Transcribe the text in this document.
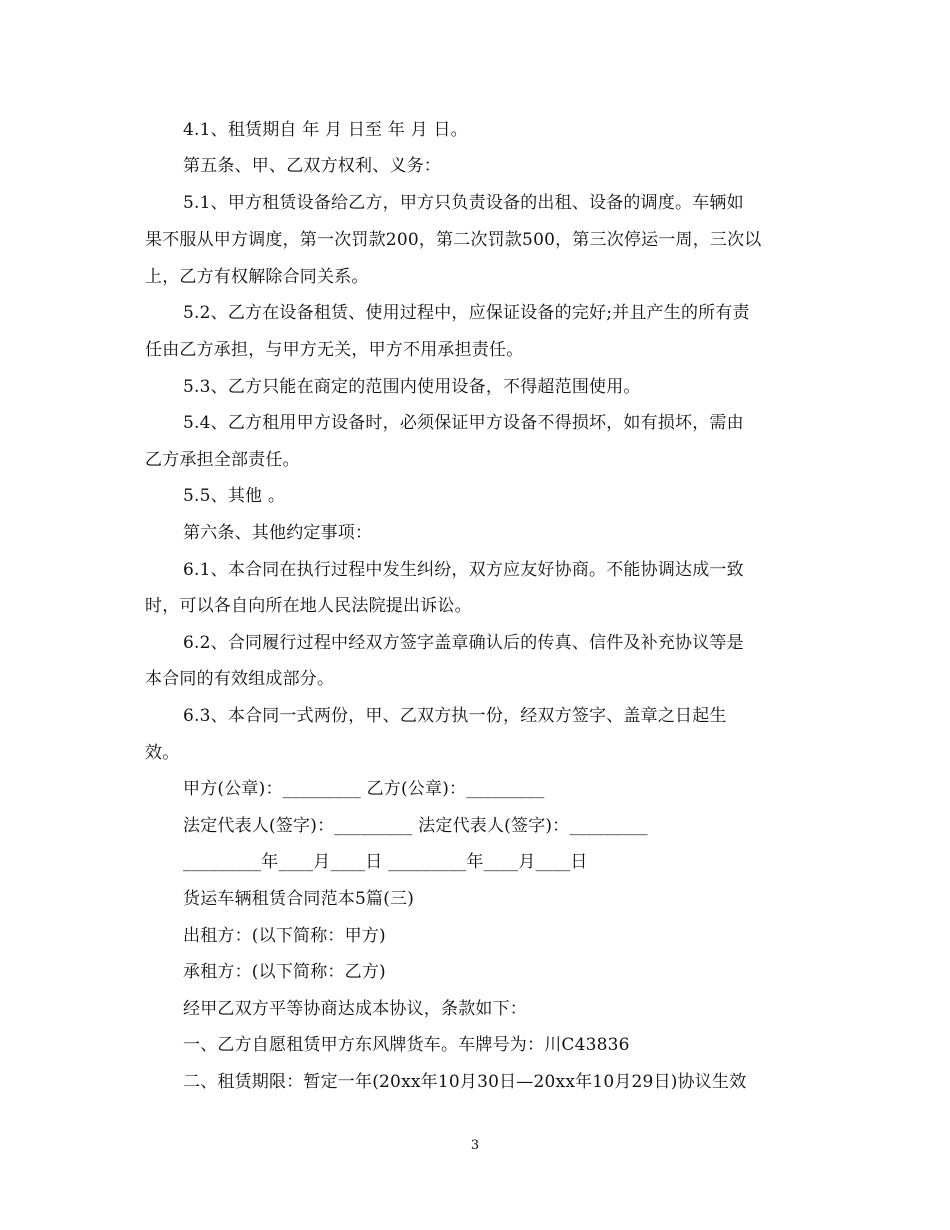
4.1、租赁期自 年 月 日至 年 月 日。
第五条、甲、乙双方权利、义务：
5.1、甲方租赁设备给乙方，甲方只负责设备的出租、设备的调度。车辆如
果不服从甲方调度，第一次罚款200，第二次罚款500，第三次停运一周，三次以
上，乙方有权解除合同关系。
5.2、乙方在设备租赁、使用过程中，应保证设备的完好;并且产生的所有责
任由乙方承担，与甲方无关，甲方不用承担责任。
5.3、乙方只能在商定的范围内使用设备，不得超范围使用。
5.4、乙方租用甲方设备时，必须保证甲方设备不得损坏，如有损坏，需由
乙方承担全部责任。
5.5、其他 。
第六条、其他约定事项：
6.1、本合同在执行过程中发生纠纷，双方应友好协商。不能协调达成一致
时，可以各自向所在地人民法院提出诉讼。
6.2、合同履行过程中经双方签字盖章确认后的传真、信件及补充协议等是
本合同的有效组成部分。
6.3、本合同一式两份，甲、乙双方执一份，经双方签字、盖章之日起生
效。
甲方(公章)：_________ 乙方(公章)：_________
法定代表人(签字)：_________ 法定代表人(签字)：_________
_________年____月____日 _________年____月____日
货运车辆租赁合同范本5篇(三)
出租方：(以下简称：甲方)
承租方：(以下简称：乙方)
经甲乙双方平等协商达成本协议，条款如下：
一、乙方自愿租赁甲方东风牌货车。车牌号为：川C43836
二、租赁期限：暂定一年(20xx年10月30日—20xx年10月29日)协议生效
3
